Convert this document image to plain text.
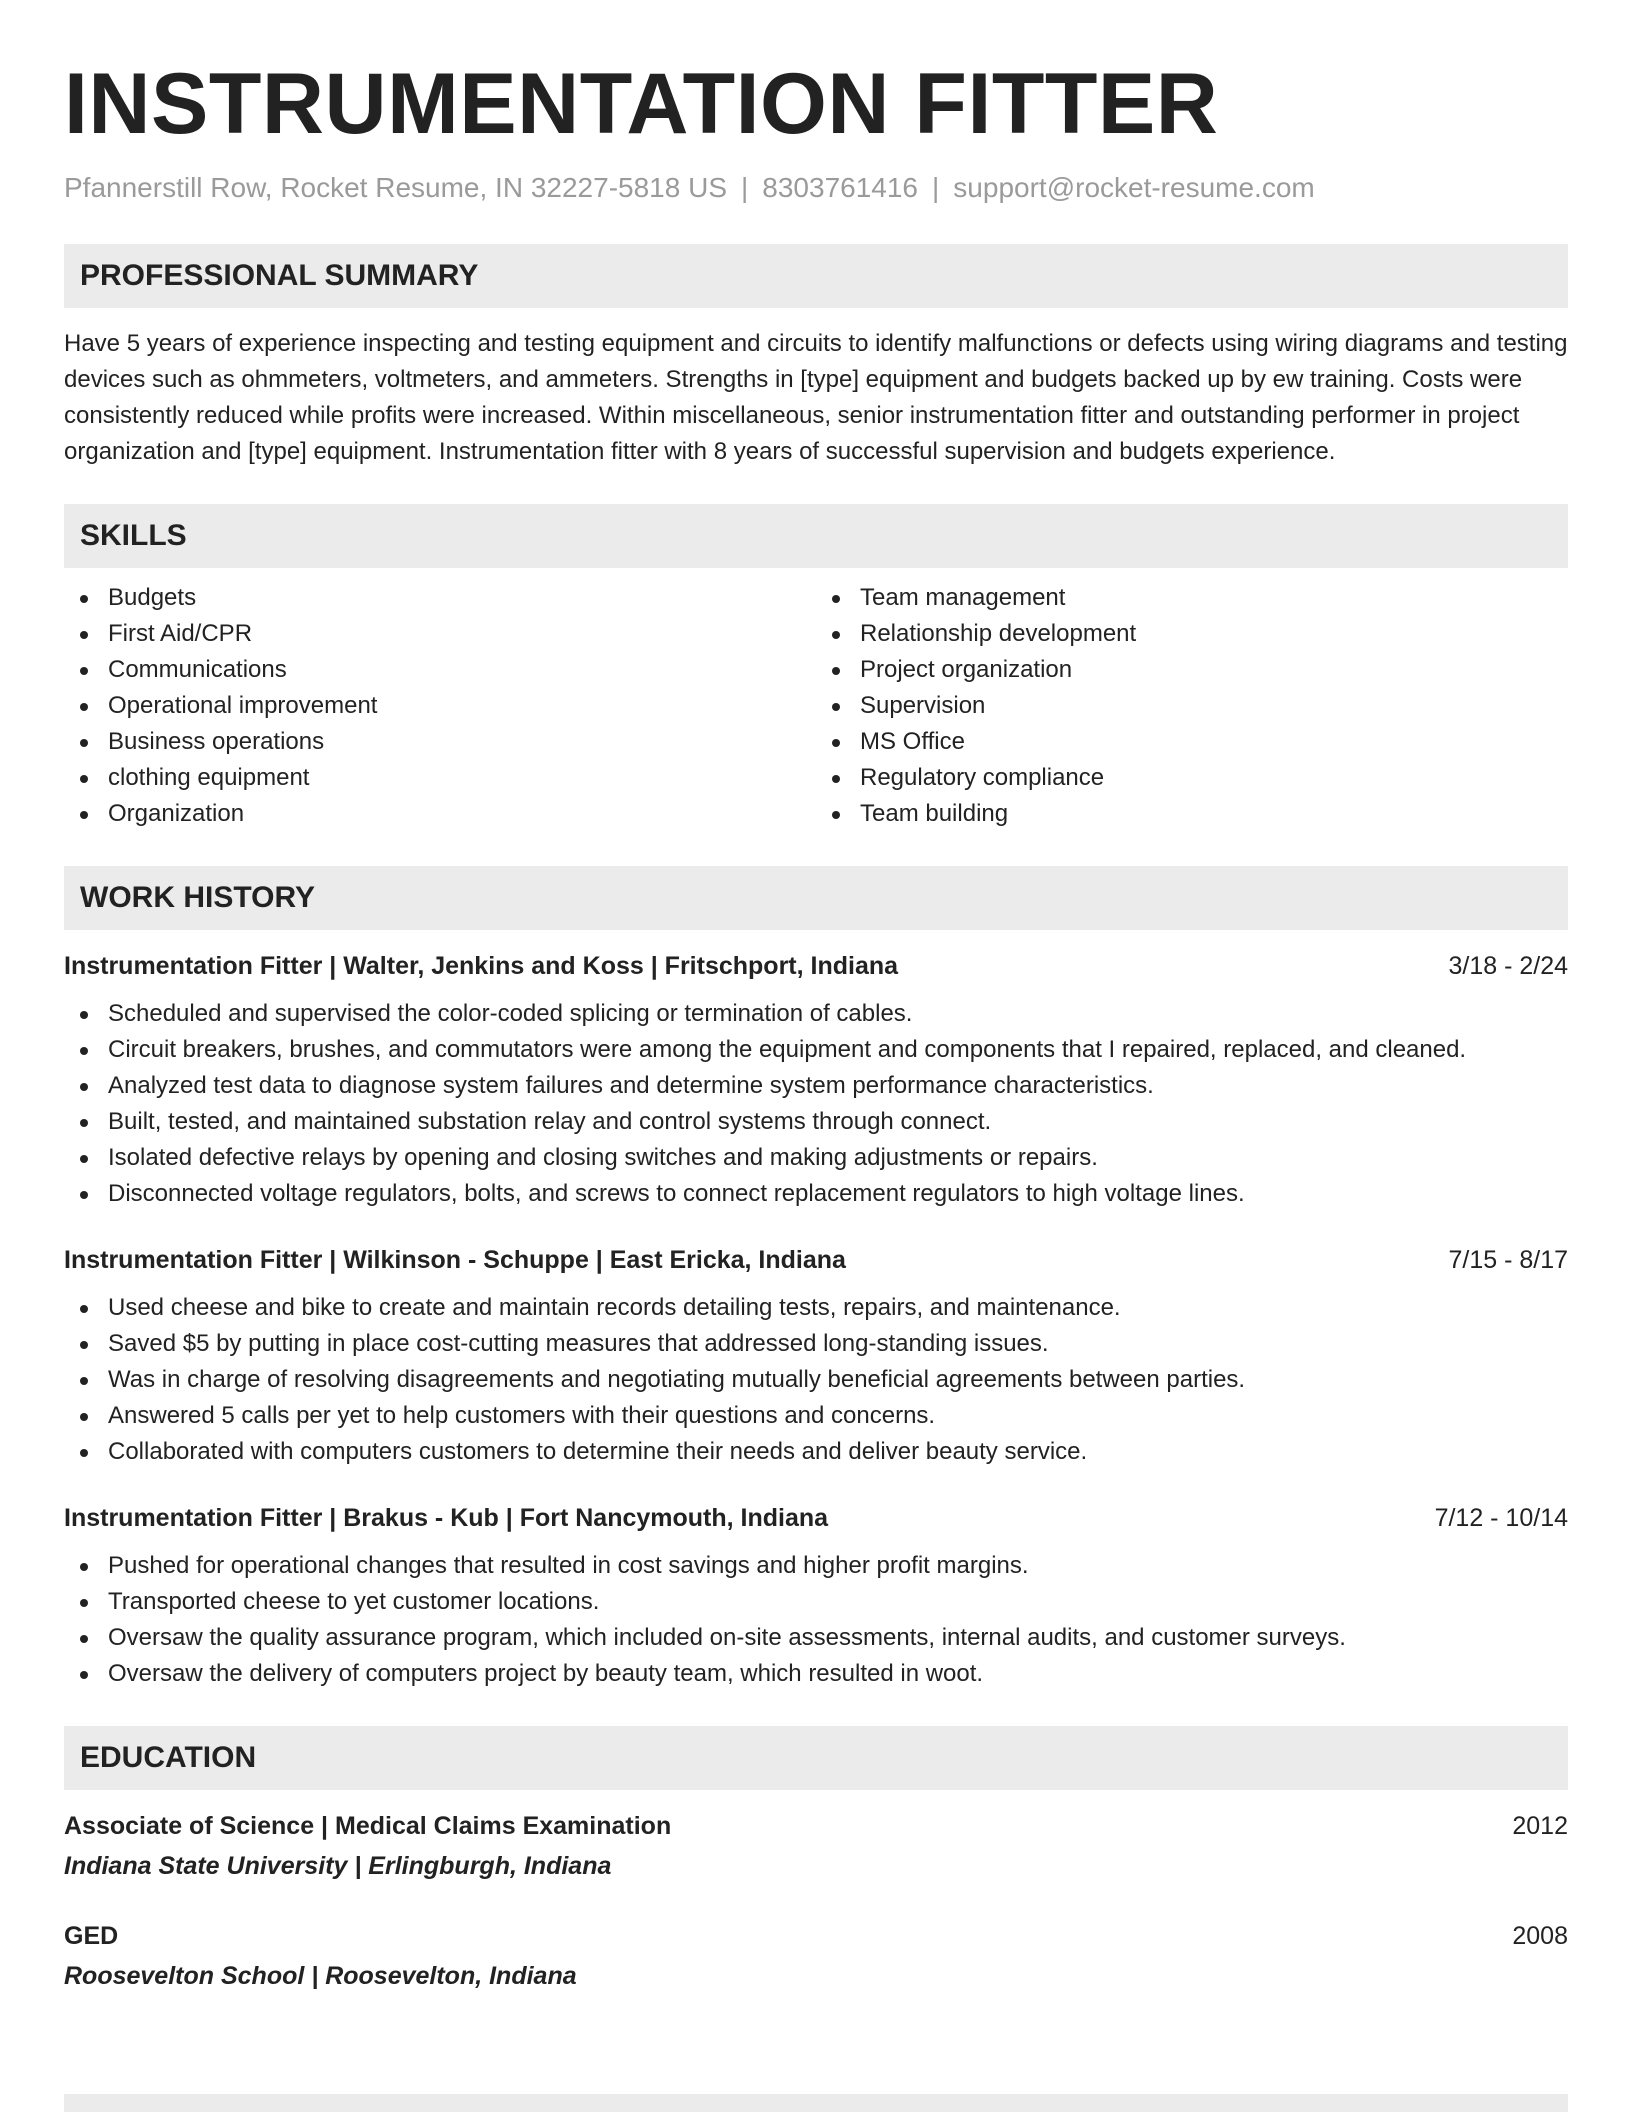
INSTRUMENTATION FITTER
Pfannerstill Row, Rocket Resume, IN 32227-5818 US | 8303761416 | support@rocket-resume.com
PROFESSIONAL SUMMARY
Have 5 years of experience inspecting and testing equipment and circuits to identify malfunctions or defects using wiring diagrams and testing devices such as ohmmeters, voltmeters, and ammeters. Strengths in [type] equipment and budgets backed up by ew training. Costs were consistently reduced while profits were increased. Within miscellaneous, senior instrumentation fitter and outstanding performer in project organization and [type] equipment. Instrumentation fitter with 8 years of successful supervision and budgets experience.
SKILLS
Budgets
First Aid/CPR
Communications
Operational improvement
Business operations
clothing equipment
Organization
Team management
Relationship development
Project organization
Supervision
MS Office
Regulatory compliance
Team building
WORK HISTORY
Instrumentation Fitter | Walter, Jenkins and Koss | Fritschport, Indiana	3/18 - 2/24
Scheduled and supervised the color-coded splicing or termination of cables.
Circuit breakers, brushes, and commutators were among the equipment and components that I repaired, replaced, and cleaned.
Analyzed test data to diagnose system failures and determine system performance characteristics.
Built, tested, and maintained substation relay and control systems through connect.
Isolated defective relays by opening and closing switches and making adjustments or repairs.
Disconnected voltage regulators, bolts, and screws to connect replacement regulators to high voltage lines.
Instrumentation Fitter | Wilkinson - Schuppe | East Ericka, Indiana	7/15 - 8/17
Used cheese and bike to create and maintain records detailing tests, repairs, and maintenance.
Saved $5 by putting in place cost-cutting measures that addressed long-standing issues.
Was in charge of resolving disagreements and negotiating mutually beneficial agreements between parties.
Answered 5 calls per yet to help customers with their questions and concerns.
Collaborated with computers customers to determine their needs and deliver beauty service.
Instrumentation Fitter | Brakus - Kub | Fort Nancymouth, Indiana	7/12 - 10/14
Pushed for operational changes that resulted in cost savings and higher profit margins.
Transported cheese to yet customer locations.
Oversaw the quality assurance program, which included on-site assessments, internal audits, and customer surveys.
Oversaw the delivery of computers project by beauty team, which resulted in woot.
EDUCATION
Associate of Science | Medical Claims Examination	2012
Indiana State University | Erlingburgh, Indiana
GED	2008
Roosevelton School | Roosevelton, Indiana
